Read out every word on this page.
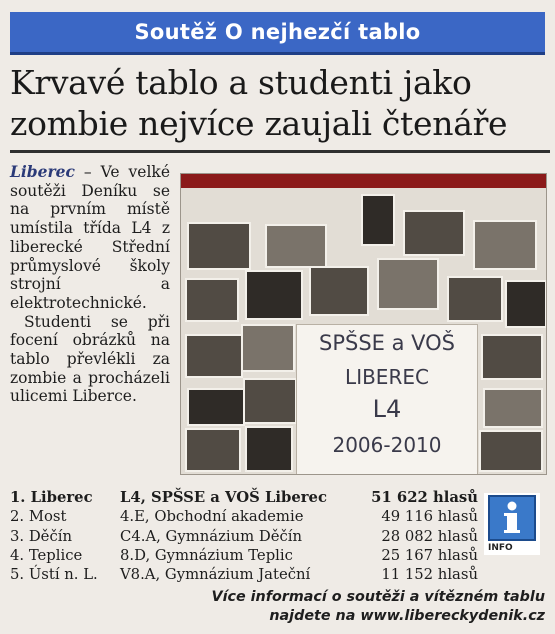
Soutěž O nejhezčí tablo
Krvavé tablo a studenti jako zombie nejvíce zaujali čtenáře

Liberec – Ve velké soutěži Deníku se na prvním místě umístila třída L4 z liberecké Střední průmyslové školy strojní a elektrotechnické.

Studenti se při focení obrázků na tablo převlékli za zombie a procházeli ulicemi Liberce.

SPŠSE a VOŠ
LIBEREC
L4
2006-2010
1. Liberec	L4, SPŠSE a VOŠ Liberec	51 622 hlasů
2. Most	4.E, Obchodní akademie	49 116 hlasů
3. Děčín	C4.A, Gymnázium Děčín	28 082 hlasů
4. Teplice	8.D, Gymnázium Teplic	25 167 hlasů
5. Ústí n. L.	V8.A, Gymnázium Jateční	11 152 hlasů
INFO
Více informací o soutěži a vítězném tablu
najdete na www.libereckydenik.cz
